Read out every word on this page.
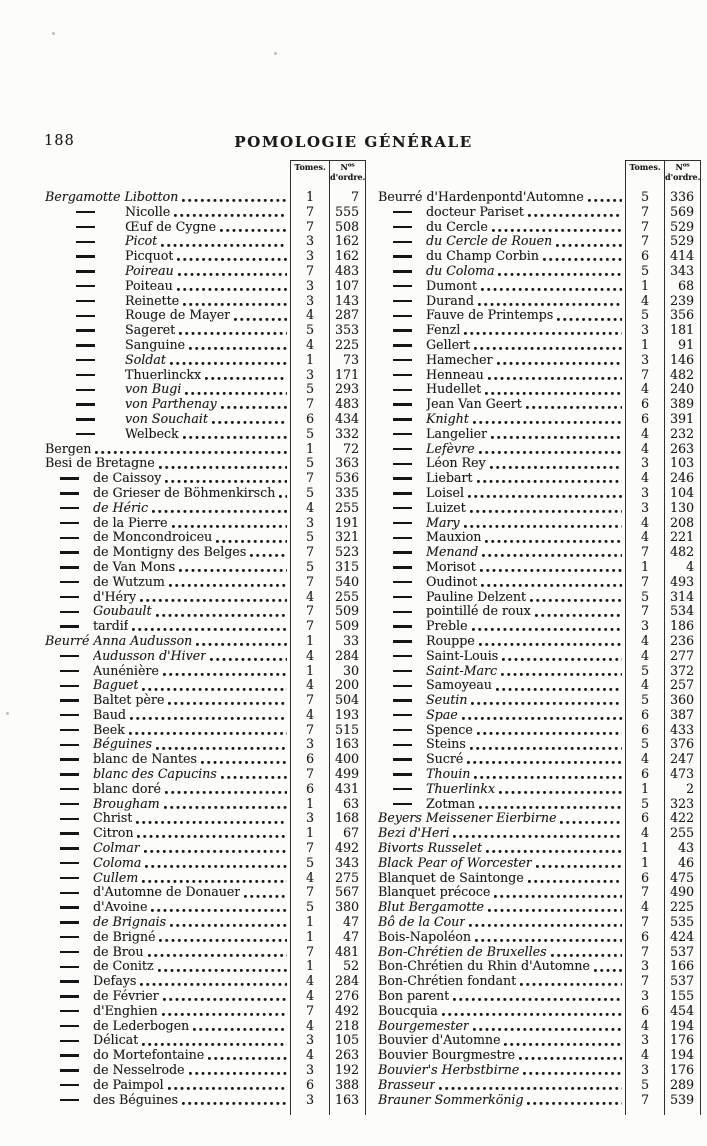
188	POMOLOGIE GÉNÉRALE
Tomes.	$N^{os}$
d'ordre.
Bergamotte Libotton	1	7
Nicolle	7	555
Œuf de Cygne	7	508
Picot	3	162
Picquot	3	162
Poireau	7	483
Poiteau	3	107
Reinette	3	143
Rouge de Mayer	4	287
Sageret	5	353
Sanguine	4	225
Soldat	1	73
Thuerlinckx	3	171
von Bugi	5	293
von Parthenay	7	483
von Souchait	6	434
Welbeck	5	332
Bergen	1	72
Besi de Bretagne	5	363
de Caissoy	7	536
de Grieser de Böhmenkirsch	5	335
de Héric	4	255
de la Pierre	3	191
de Moncondroiceu	5	321
de Montigny des Belges	7	523
de Van Mons	5	315
de Wutzum	7	540
d'Héry	4	255
Goubault	7	509
tardif	7	509
Beurré Anna Audusson	1	33
Audusson d'Hiver	4	284
Aunénière	1	30
Baguet	4	200
Baltet père	7	504
Baud	4	193
Beek	7	515
Béguines	3	163
blanc de Nantes	6	400
blanc des Capucins	7	499
blanc doré	6	431
Brougham	1	63
Christ	3	168
Citron	1	67
Colmar	7	492
Coloma	5	343
Cullem	4	275
d'Automne de Donauer	7	567
d'Avoine	5	380
de Brignais	1	47
de Brigné	1	47
de Brou	7	481
de Conitz	1	52
Defays	4	284
de Février	4	276
d'Enghien	7	492
de Lederbogen	4	218
Délicat	3	105
do Mortefontaine	4	263
de Nesselrode	3	192
de Paimpol	6	388
des Béguines	3	163
Tomes.	$N^{os}$
d'ordre.
Beurré d'Hardenpontd'Automne	5	336
docteur Pariset	7	569
du Cercle	7	529
du Cercle de Rouen	7	529
du Champ Corbin	6	414
du Coloma	5	343
Dumont	1	68
Durand	4	239
Fauve de Printemps	5	356
Fenzl	3	181
Gellert	1	91
Hamecher	3	146
Henneau	7	482
Hudellet	4	240
Jean Van Geert	6	389
Knight	6	391
Langelier	4	232
Lefèvre	4	263
Léon Rey	3	103
Liebart	4	246
Loisel	3	104
Luizet	3	130
Mary	4	208
Mauxion	4	221
Menand	7	482
Morisot	1	4
Oudinot	7	493
Pauline Delzent	5	314
pointillé de roux	7	534
Preble	3	186
Rouppe	4	236
Saint-Louis	4	277
Saint-Marc	5	372
Samoyeau	4	257
Seutin	5	360
Spae	6	387
Spence	6	433
Steins	5	376
Sucré	4	247
Thouin	6	473
Thuerlinkx	1	2
Zotman	5	323
Beyers Meissener Eierbirne	6	422
Bezi d'Heri	4	255
Bivorts Russelet	1	43
Black Pear of Worcester	1	46
Blanquet de Saintonge	6	475
Blanquet précoce	7	490
Blut Bergamotte	4	225
Bô de la Cour	7	535
Bois-Napoléon	6	424
Bon-Chrétien de Bruxelles	7	537
Bon-Chrétien du Rhin d'Automne	3	166
Bon-Chrétien fondant	7	537
Bon parent	3	155
Boucquia	6	454
Bourgemester	4	194
Bouvier d'Automne	3	176
Bouvier Bourgmestre	4	194
Bouvier's Herbstbirne	3	176
Brasseur	5	289
Brauner Sommerkönig	7	539
